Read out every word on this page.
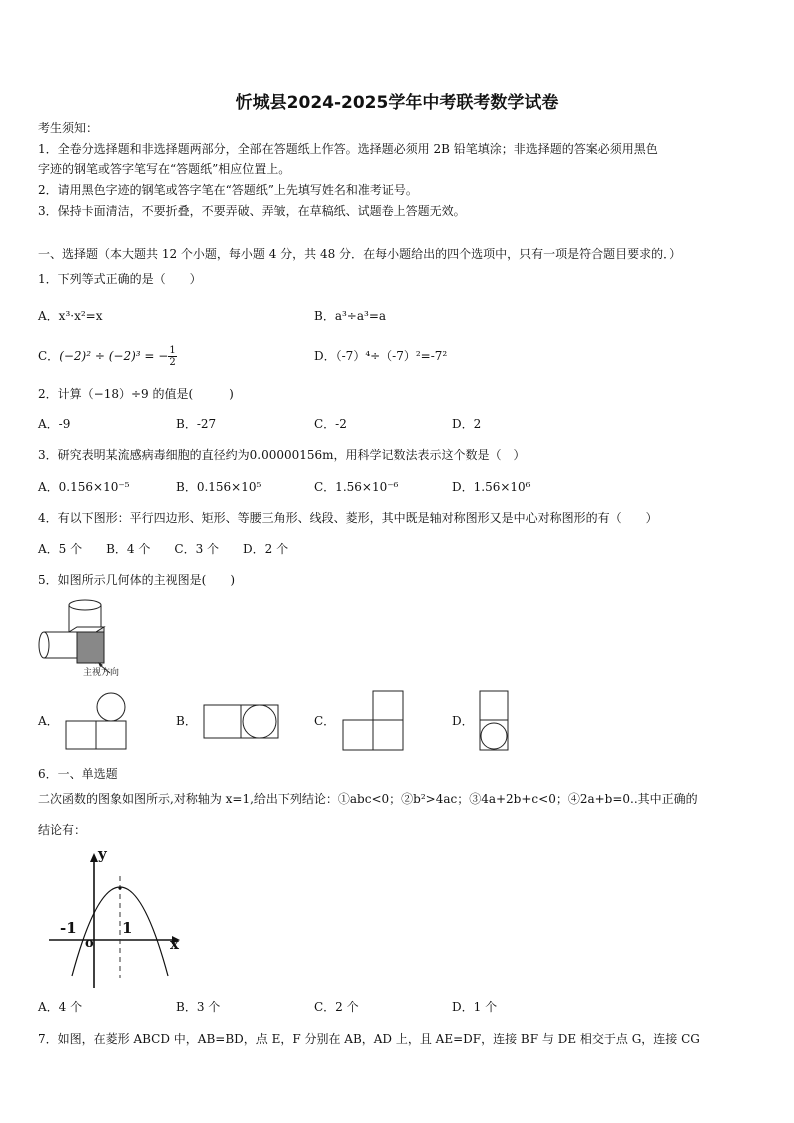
忻城县2024-2025学年中考联考数学试卷
考生须知：
1．全卷分选择题和非选择题两部分，全部在答题纸上作答。选择题必须用 2B 铅笔填涂；非选择题的答案必须用黑色
字迹的钢笔或答字笔写在“答题纸”相应位置上。
2．请用黑色字迹的钢笔或答字笔在“答题纸”上先填写姓名和准考证号。
3．保持卡面清洁，不要折叠，不要弄破、弄皱，在草稿纸、试题卷上答题无效。
一、选择题（本大题共 12 个小题，每小题 4 分，共 48 分．在每小题给出的四个选项中，只有一项是符合题目要求的．）
1．下列等式正确的是（　　）
A．x³·x²=x	B．a³÷a³=a
C． (−2)² ÷ (−2)³ = − $\frac{1}{2}$	D．（-7）⁴÷（-7）²=-7²
2．计算（−18）÷9 的值是(　　　)
A．-9	B．-27	C．-2	D．2
3．研究表明某流感病毒细胞的直径约为0.00000156m，用科学记数法表示这个数是（　）
A．0.156×10⁻⁵	B．0.156×10⁵	C．1.56×10⁻⁶	D．1.56×10⁶
4．有以下图形：平行四边形、矩形、等腰三角形、线段、菱形，其中既是轴对称图形又是中心对称图形的有（　　）
A．5 个　　B．4 个　　C．3 个　　D．2 个
5．如图所示几何体的主视图是(　　)
主视方向
A．	B．	C．	D．
6．一、单选题
二次函数的图象如图所示,对称轴为 x=1,给出下列结论：①abc<0；②b²>4ac；③4a+2b+c<0；④2a+b=0..其中正确的
结论有：
y
x
o
-1	1
A．4 个	B．3 个	C．2 个	D．1 个
7．如图，在菱形 ABCD 中，AB=BD，点 E，F 分别在 AB，AD 上，且 AE=DF，连接 BF 与 DE 相交于点 G，连接 CG
